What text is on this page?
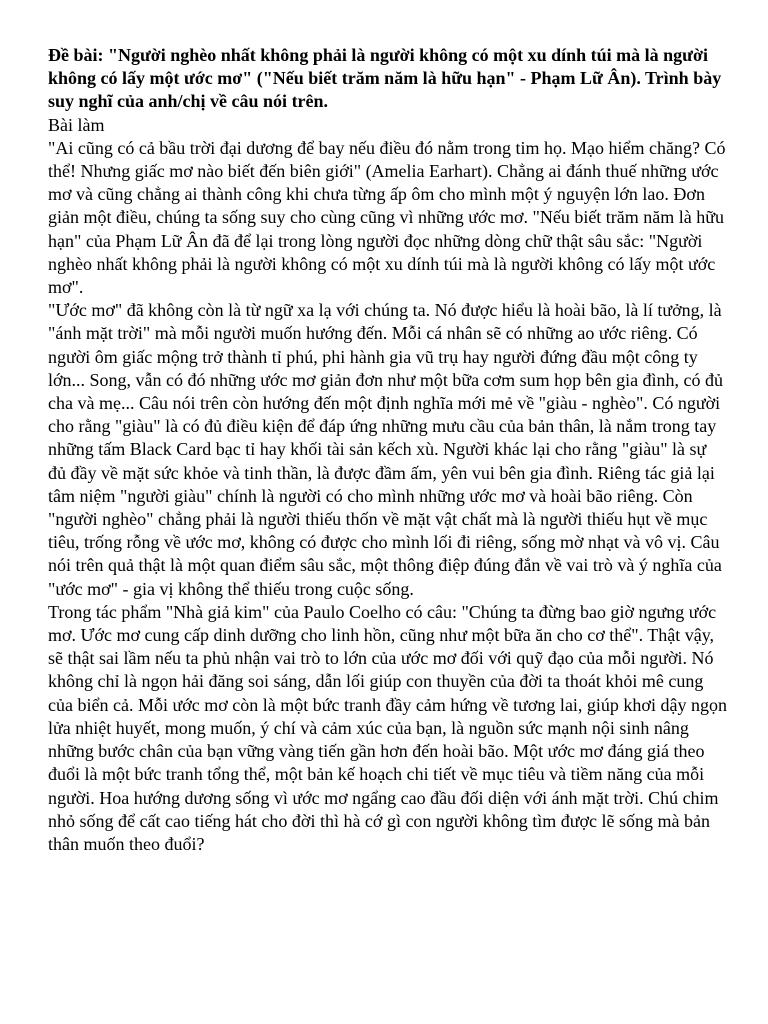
Đề bài: "Người nghèo nhất không phải là người không có một xu dính túi mà là người không có lấy một ước mơ" ("Nếu biết trăm năm là hữu hạn" - Phạm Lữ Ân). Trình bày suy nghĩ của anh/chị về câu nói trên.

Bài làm

"Ai cũng có cả bầu trời đại dương để bay nếu điều đó nằm trong tim họ. Mạo hiểm chăng? Có thể! Nhưng giấc mơ nào biết đến biên giới" (Amelia Earhart). Chẳng ai đánh thuế những ước mơ và cũng chẳng ai thành công khi chưa từng ấp ôm cho mình một ý nguyện lớn lao. Đơn giản một điều, chúng ta sống suy cho cùng cũng vì những ước mơ. "Nếu biết trăm năm là hữu hạn" của Phạm Lữ Ân đã để lại trong lòng người đọc những dòng chữ thật sâu sắc: "Người nghèo nhất không phải là người không có một xu dính túi mà là người không có lấy một ước mơ".

"Ước mơ" đã không còn là từ ngữ xa lạ với chúng ta. Nó được hiểu là hoài bão, là lí tưởng, là "ánh mặt trời" mà mỗi người muốn hướng đến. Mỗi cá nhân sẽ có những ao ước riêng. Có người ôm giấc mộng trở thành tỉ phú, phi hành gia vũ trụ hay người đứng đầu một công ty lớn... Song, vẫn có đó những ước mơ giản đơn như một bữa cơm sum họp bên gia đình, có đủ cha và mẹ... Câu nói trên còn hướng đến một định nghĩa mới mẻ về "giàu - nghèo". Có người cho rằng "giàu" là có đủ điều kiện để đáp ứng những mưu cầu của bản thân, là nắm trong tay những tấm Black Card bạc tỉ hay khối tài sản kếch xù. Người khác lại cho rằng "giàu" là sự đủ đầy về mặt sức khỏe và tinh thần, là được đầm ấm, yên vui bên gia đình. Riêng tác giả lại tâm niệm "người giàu" chính là người có cho mình những ước mơ và hoài bão riêng. Còn "người nghèo" chẳng phải là người thiếu thốn về mặt vật chất mà là người thiếu hụt về mục tiêu, trống rỗng về ước mơ, không có được cho mình lối đi riêng, sống mờ nhạt và vô vị. Câu nói trên quả thật là một quan điểm sâu sắc, một thông điệp đúng đắn về vai trò và ý nghĩa của "ước mơ" - gia vị không thể thiếu trong cuộc sống.

Trong tác phẩm "Nhà giả kim" của Paulo Coelho có câu: "Chúng ta đừng bao giờ ngưng ước mơ. Ước mơ cung cấp dinh dưỡng cho linh hồn, cũng như một bữa ăn cho cơ thể". Thật vậy, sẽ thật sai lầm nếu ta phủ nhận vai trò to lớn của ước mơ đối với quỹ đạo của mỗi người. Nó không chỉ là ngọn hải đăng soi sáng, dẫn lối giúp con thuyền của đời ta thoát khỏi mê cung của biển cả. Mỗi ước mơ còn là một bức tranh đầy cảm hứng về tương lai, giúp khơi dậy ngọn lửa nhiệt huyết, mong muốn, ý chí và cảm xúc của bạn, là nguồn sức mạnh nội sinh nâng những bước chân của bạn vững vàng tiến gần hơn đến hoài bão. Một ước mơ đáng giá theo đuổi là một bức tranh tổng thể, một bản kế hoạch chi tiết về mục tiêu và tiềm năng của mỗi người. Hoa hướng dương sống vì ước mơ ngẩng cao đầu đối diện với ánh mặt trời. Chú chim nhỏ sống để cất cao tiếng hát cho đời thì hà cớ gì con người không tìm được lẽ sống mà bản thân muốn theo đuổi?
